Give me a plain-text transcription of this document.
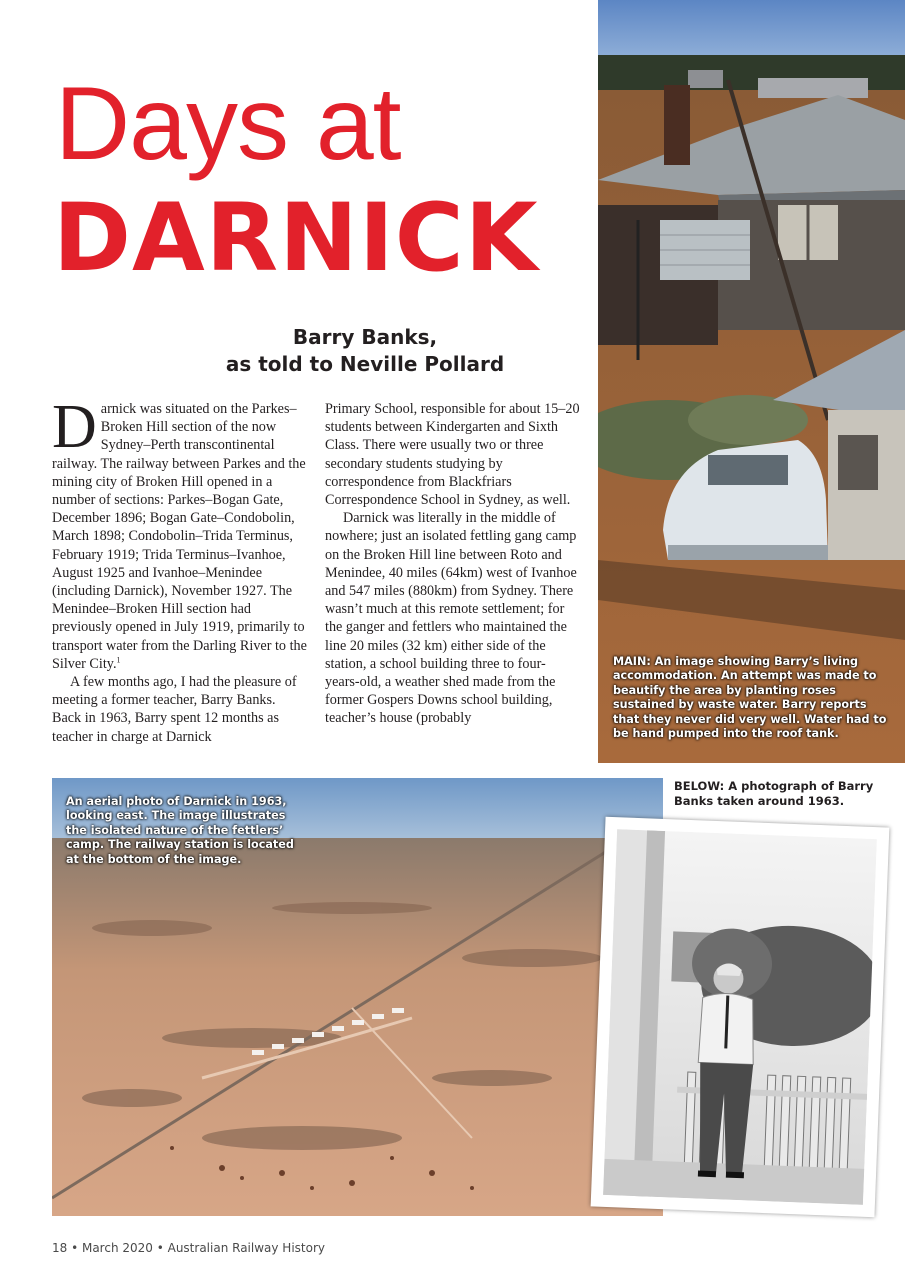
Days at
DARNICK
Barry Banks,
as told to Neville Pollard

Darnick was situated on the Parkes–Broken Hill section of the now Sydney–Perth transcontinental railway. The railway between Parkes and the mining city of Broken Hill opened in a number of sections: Parkes–Bogan Gate, December 1896; Bogan Gate–Condobolin, March 1898; Condobolin–Trida Terminus, February 1919; Trida Terminus–Ivanhoe, August 1925 and Ivanhoe–Menindee (including Darnick), November 1927. The Menindee–Broken Hill section had previously opened in July 1919, primarily to transport water from the Darling River to the Silver City.$^1$

A few months ago, I had the pleasure of meeting a former teacher, Barry Banks. Back in 1963, Barry spent 12 months as teacher in charge at Darnick

Primary School, responsible for about 15–20 students between Kindergarten and Sixth Class. There were usually two or three secondary students studying by correspondence from Blackfriars Correspondence School in Sydney, as well.

Darnick was literally in the middle of nowhere; just an isolated fettling gang camp on the Broken Hill line between Roto and Menindee, 40 miles (64km) west of Ivanhoe and 547 miles (880km) from Sydney. There wasn’t much at this remote settlement; for the ganger and fettlers who maintained the line 20 miles (32 km) either side of the station, a school building three to four-years-old, a weather shed made from the former Gospers Downs school building, teacher’s house (probably

MAIN: An image showing Barry’s living accommodation. An attempt was made to beautify the area by planting roses sustained by waste water. Barry reports that they never did very well. Water had to be hand pumped into the roof tank.
An aerial photo of Darnick in 1963, looking east. The image illustrates the isolated nature of the fettlers’ camp. The railway station is located at the bottom of the image.
BELOW: A photograph of Barry Banks taken around 1963.
18 • March 2020 • Australian Railway History
